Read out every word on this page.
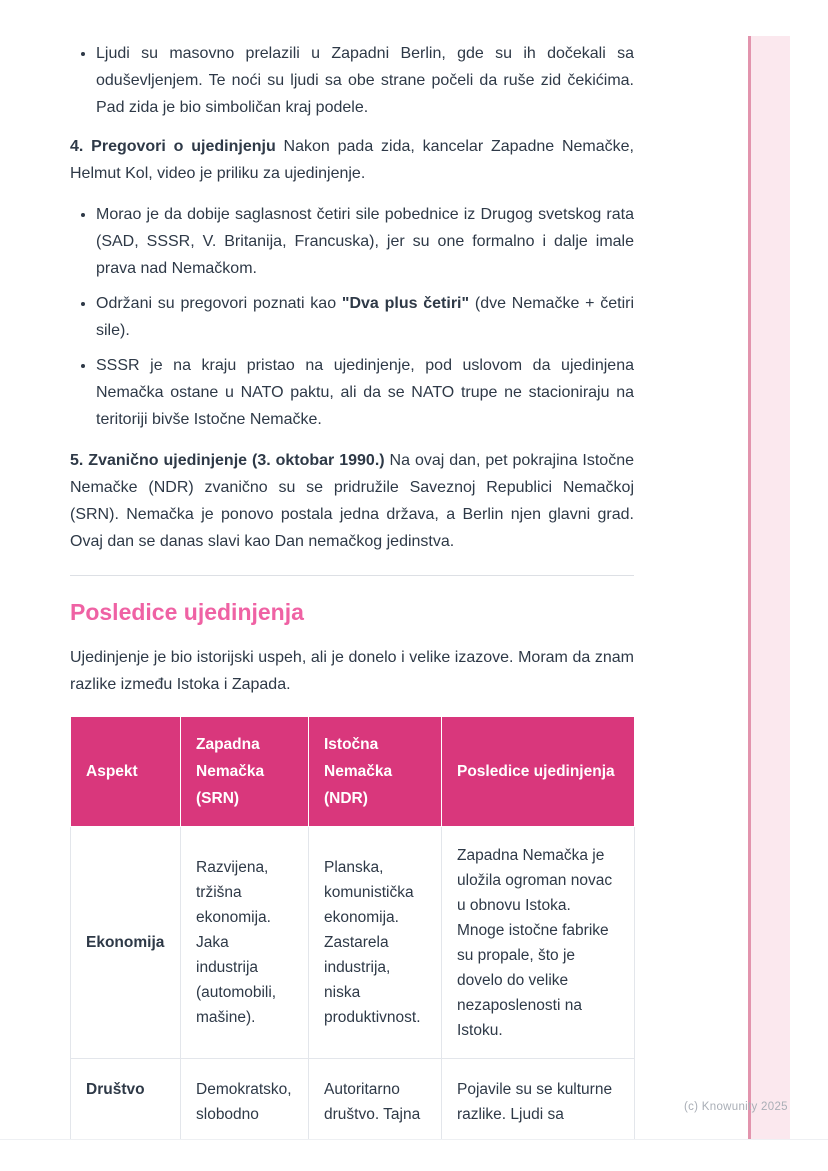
• Ljudi su masovno prelazili u Zapadni Berlin, gde su ih dočekali sa oduševljenjem. Te noći su ljudi sa obe strane počeli da ruše zid čekićima. Pad zida je bio simboličan kraj podele.

4. Pregovori o ujedinjenju Nakon pada zida, kancelar Zapadne Nemačke, Helmut Kol, video je priliku za ujedinjenje.

• Morao je da dobije saglasnost četiri sile pobednice iz Drugog svetskog rata (SAD, SSSR, V. Britanija, Francuska), jer su one formalno i dalje imale prava nad Nemačkom.
• Održani su pregovori poznati kao "Dva plus četiri" (dve Nemačke + četiri sile).
• SSSR je na kraju pristao na ujedinjenje, pod uslovom da ujedinjena Nemačka ostane u NATO paktu, ali da se NATO trupe ne stacioniraju na teritoriji bivše Istočne Nemačke.

5. Zvanično ujedinjenje (3. oktobar 1990.) Na ovaj dan, pet pokrajina Istočne Nemačke (NDR) zvanično su se pridružile Saveznoj Republici Nemačkoj (SRN). Nemačka je ponovo postala jedna država, a Berlin njen glavni grad. Ovaj dan se danas slavi kao Dan nemačkog jedinstva.

Posledice ujedinjenja

Ujedinjenje je bio istorijski uspeh, ali je donelo i velike izazove. Moram da znam razlike između Istoka i Zapada.

Aspekt	Zapadna Nemačka (SRN)	Istočna Nemačka (NDR)	Posledice ujedinjenja
Ekonomija	Razvijena, tržišna ekonomija. Jaka industrija (automobili, mašine).	Planska, komunistička ekonomija. Zastarela industrija, niska produktivnost.	Zapadna Nemačka je uložila ogroman novac u obnovu Istoka. Mnoge istočne fabrike su propale, što je dovelo do velike nezaposlenosti na Istoku.
Društvo	Demokratsko, slobodno	Autoritarno društvo. Tajna	Pojavile su se kulturne razlike. Ljudi sa	(c) Knowunity 2025
